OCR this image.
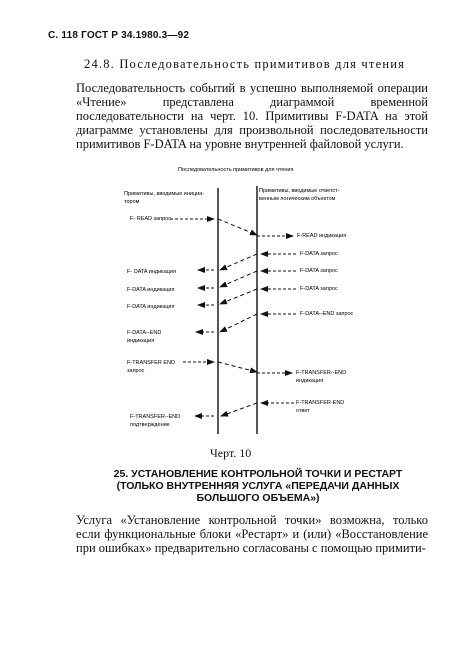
С. 118 ГОСТ Р 34.1980.3—92
24.8. Последовательность примитивов для чтения
Последовательность событий в успешно выполняемой операции «Чтение» представлена диаграммой временной последовательности на черт. 10. Примитивы F-DATA на этой диаграмме установлены для произвольной последовательности примитивов F-DATA на уровне внутренней файловой услуги.
Последовательность примитивов для чтения
Примитивы, вводимые инициа-
тором
Примитивы, вводимые ответст-
венным логическим объектом
F- READ запрос
F- DATA индикация
F-DATA индикация
F-DATA индикация
F-DATA--END
индикация
F-TRANSFER END
запрос
F-TRANSFER--END
подтверждение
F-READ индикация
F-DATA запрос
F-DATA запрос
F-DATA запрос
F-DATA--END запрос
F-TRANSFER--END
индикация
F-TRANSFER-END
ответ
Черт. 10
25. УСТАНОВЛЕНИЕ КОНТРОЛЬНОЙ ТОЧКИ И РЕСТАРТ
(ТОЛЬКО ВНУТРЕННЯЯ УСЛУГА «ПЕРЕДАЧИ ДАННЫХ
БОЛЬШОГО ОБЪЕМА»)
Услуга «Установление контрольной точки» возможна, только если функциональные блоки «Рестарт» и (или) «Восстановление при ошибках» предварительно согласованы с помощью примити-
